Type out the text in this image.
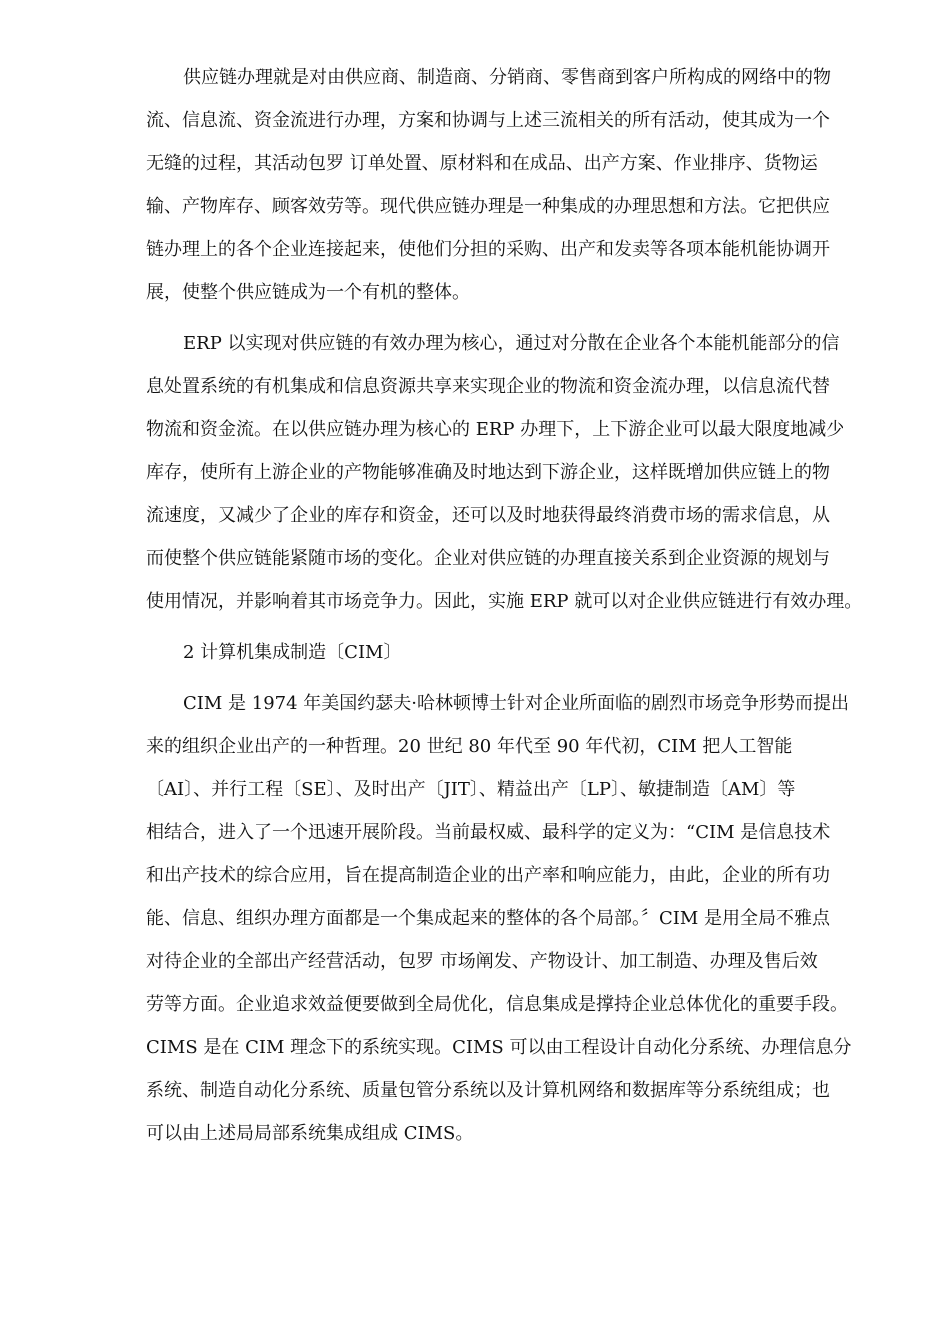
供应链办理就是对由供应商、制造商、分销商、零售商到客户所构成的网络中的物
流、信息流、资金流进行办理，方案和协调与上述三流相关的所有活动，使其成为一个
无缝的过程，其活动包罗 订单处置、原材料和在成品、出产方案、作业排序、货物运
输、产物库存、顾客效劳等。现代供应链办理是一种集成的办理思想和方法。它把供应
链办理上的各个企业连接起来，使他们分担的采购、出产和发卖等各项本能机能协调开
展，使整个供应链成为一个有机的整体。
ERP 以实现对供应链的有效办理为核心，通过对分散在企业各个本能机能部分的信
息处置系统的有机集成和信息资源共享来实现企业的物流和资金流办理，以信息流代替
物流和资金流。在以供应链办理为核心的 ERP 办理下，上下游企业可以最大限度地减少
库存，使所有上游企业的产物能够准确及时地达到下游企业，这样既增加供应链上的物
流速度，又减少了企业的库存和资金，还可以及时地获得最终消费市场的需求信息，从
而使整个供应链能紧随市场的变化。企业对供应链的办理直接关系到企业资源的规划与
使用情况，并影响着其市场竞争力。因此，实施 ERP 就可以对企业供应链进行有效办理。
2 计算机集成制造〔CIM〕
CIM 是 1974 年美国约瑟夫·哈林顿博士针对企业所面临的剧烈市场竞争形势而提出
来的组织企业出产的一种哲理。20 世纪 80 年代至 90 年代初，CIM 把人工智能
〔AI〕、并行工程〔SE〕、及时出产〔JIT〕、精益出产〔LP〕、敏捷制造〔AM〕等
相结合，进入了一个迅速开展阶段。当前最权威、最科学的定义为：“CIM 是信息技术
和出产技术的综合应用，旨在提高制造企业的出产率和响应能力，由此，企业的所有功
能、信息、组织办理方面都是一个集成起来的整体的各个局部。〞CIM 是用全局不雅点
对待企业的全部出产经营活动，包罗 市场阐发、产物设计、加工制造、办理及售后效
劳等方面。企业追求效益便要做到全局优化，信息集成是撑持企业总体优化的重要手段。
CIMS 是在 CIM 理念下的系统实现。CIMS 可以由工程设计自动化分系统、办理信息分
系统、制造自动化分系统、质量包管分系统以及计算机网络和数据库等分系统组成；也
可以由上述局局部系统集成组成 CIMS。
